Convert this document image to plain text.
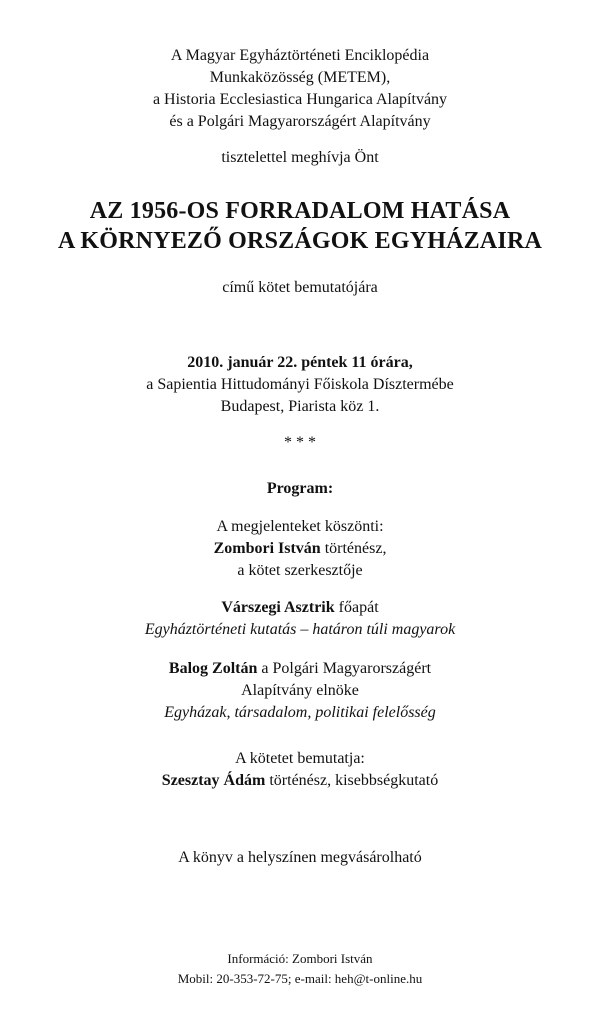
A Magyar Egyháztörténeti Enciklopédia
Munkaközösség (METEM),
a Historia Ecclesiastica Hungarica Alapítvány
és a Polgári Magyarországért Alapítvány
tisztelettel meghívja Önt
AZ 1956-OS FORRADALOM HATÁSA
A KÖRNYEZŐ ORSZÁGOK EGYHÁZAIRA
című kötet bemutatójára
2010. január 22. péntek 11 órára,
a Sapientia Hittudományi Főiskola Dísztermébe
Budapest, Piarista köz 1.
* * *
Program:
A megjelenteket köszönti:
Zombori István történész,
a kötet szerkesztője
Várszegi Asztrik főapát
Egyháztörténeti kutatás – határon túli magyarok
Balog Zoltán a Polgári Magyarországért
Alapítvány elnöke
Egyházak, társadalom, politikai felelősség
A kötetet bemutatja:
Szesztay Ádám történész, kisebbségkutató
A könyv a helyszínen megvásárolható
Információ: Zombori István
Mobil: 20-353-72-75; e-mail: heh@t-online.hu
